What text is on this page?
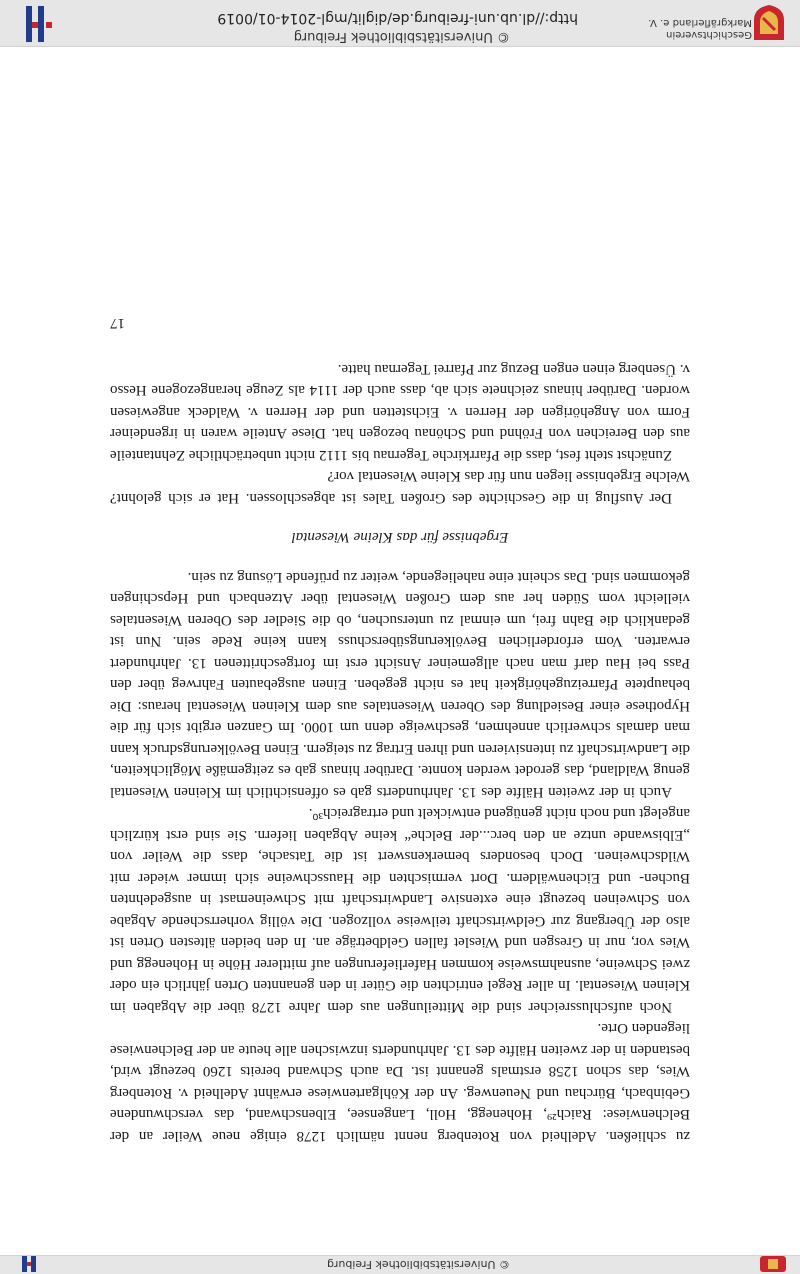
© Universitätsbibliothek Freiburg

zu schließen. Adelheid von Rotenberg nennt nämlich 1278 einige neue Weiler an der Belchenwiese: Raich²⁹, Hohenegg, Holl, Langensee, Elbenschwand, das verschwundene Gebinbach, Bürchau und Neuenweg. An der Köhlgartenwiese erwähnt Adelheid v. Rotenberg Wies, das schon 1258 erstmals genannt ist. Da auch Schwand bereits 1260 bezeugt wird, bestanden in der zweiten Hälfte des 13. Jahrhunderts inzwischen alle heute an der Belchenwiese liegenden Orte.

Noch aufschlussreicher sind die Mitteilungen aus dem Jahre 1278 über die Abgaben im Kleinen Wiesental. In aller Regel entrichten die Güter in den genannten Orten jährlich ein oder zwei Schweine, ausnahmsweise kommen Haferlieferungen auf mittlerer Höhe in Hohenegg und Wies vor, nur in Gresgen und Wieslet fallen Geldbeträge an. In den beiden ältesten Orten ist also der Übergang zur Geldwirtschaft teilweise vollzogen. Die völlig vorherrschende Abgabe von Schweinen bezeugt eine extensive Landwirtschaft mit Schweinemast in ausgedehnten Buchen- und Eichenwäldern. Dort vermischten die Hausschweine sich immer wieder mit Wildschweinen. Doch besonders bemerkenswert ist die Tatsache, dass die Weiler von „Elbiswande untze an den berc...der Belche“ keine Abgaben liefern. Sie sind erst kürzlich angelegt und noch nicht genügend entwickelt und ertragreich³⁰.

Auch in der zweiten Hälfte des 13. Jahrhunderts gab es offensichtlich im Kleinen Wiesental genug Waldland, das gerodet werden konnte. Darüber hinaus gab es zeitgemäße Möglichkeiten, die Landwirtschaft zu intensivieren und ihren Ertrag zu steigern. Einen Bevölkerungsdruck kann man damals schwerlich annehmen, geschweige denn um 1000. Im Ganzen ergibt sich für die Hypothese einer Besiedlung des Oberen Wiesentales aus dem Kleinen Wiesental heraus: Die behauptete Pfarreizugehörigkeit hat es nicht gegeben. Einen ausgebauten Fahrweg über den Pass bei Hau darf man nach allgemeiner Ansicht erst im fortgeschrittenen 13. Jahrhundert erwarten. Vom erforderlichen Bevölkerungsüberschuss kann keine Rede sein. Nun ist gedanklich die Bahn frei, um einmal zu untersuchen, ob die Siedler des Oberen Wiesentales vielleicht vom Süden her aus dem Großen Wiesental über Atzenbach und Hepschingen gekommen sind. Das scheint eine naheliegende, weiter zu prüfende Lösung zu sein.

Ergebnisse für das Kleine Wiesental

Der Ausflug in die Geschichte des Großen Tales ist abgeschlossen. Hat er sich gelohnt? Welche Ergebnisse liegen nun für das Kleine Wiesental vor?

Zunächst steht fest, dass die Pfarrkirche Tegernau bis 1112 nicht unbeträchtliche Zehntanteile aus den Bereichen von Fröhnd und Schönau bezogen hat. Diese Anteile waren in irgendeiner Form von Angehörigen der Herren v. Eichstetten und der Herren v. Waldeck angewiesen worden. Darüber hinaus zeichnete sich ab, dass auch der 1114 als Zeuge herangezogene Hesso v. Üsenberg einen engen Bezug zur Pfarrei Tegernau hatte.

17
Geschichtsverein
Markgräflerland e. V.
© Universitätsbibliothek Freiburg
http://dl.ub.uni-freiburg.de/diglit/mgl-2014-01/0019
